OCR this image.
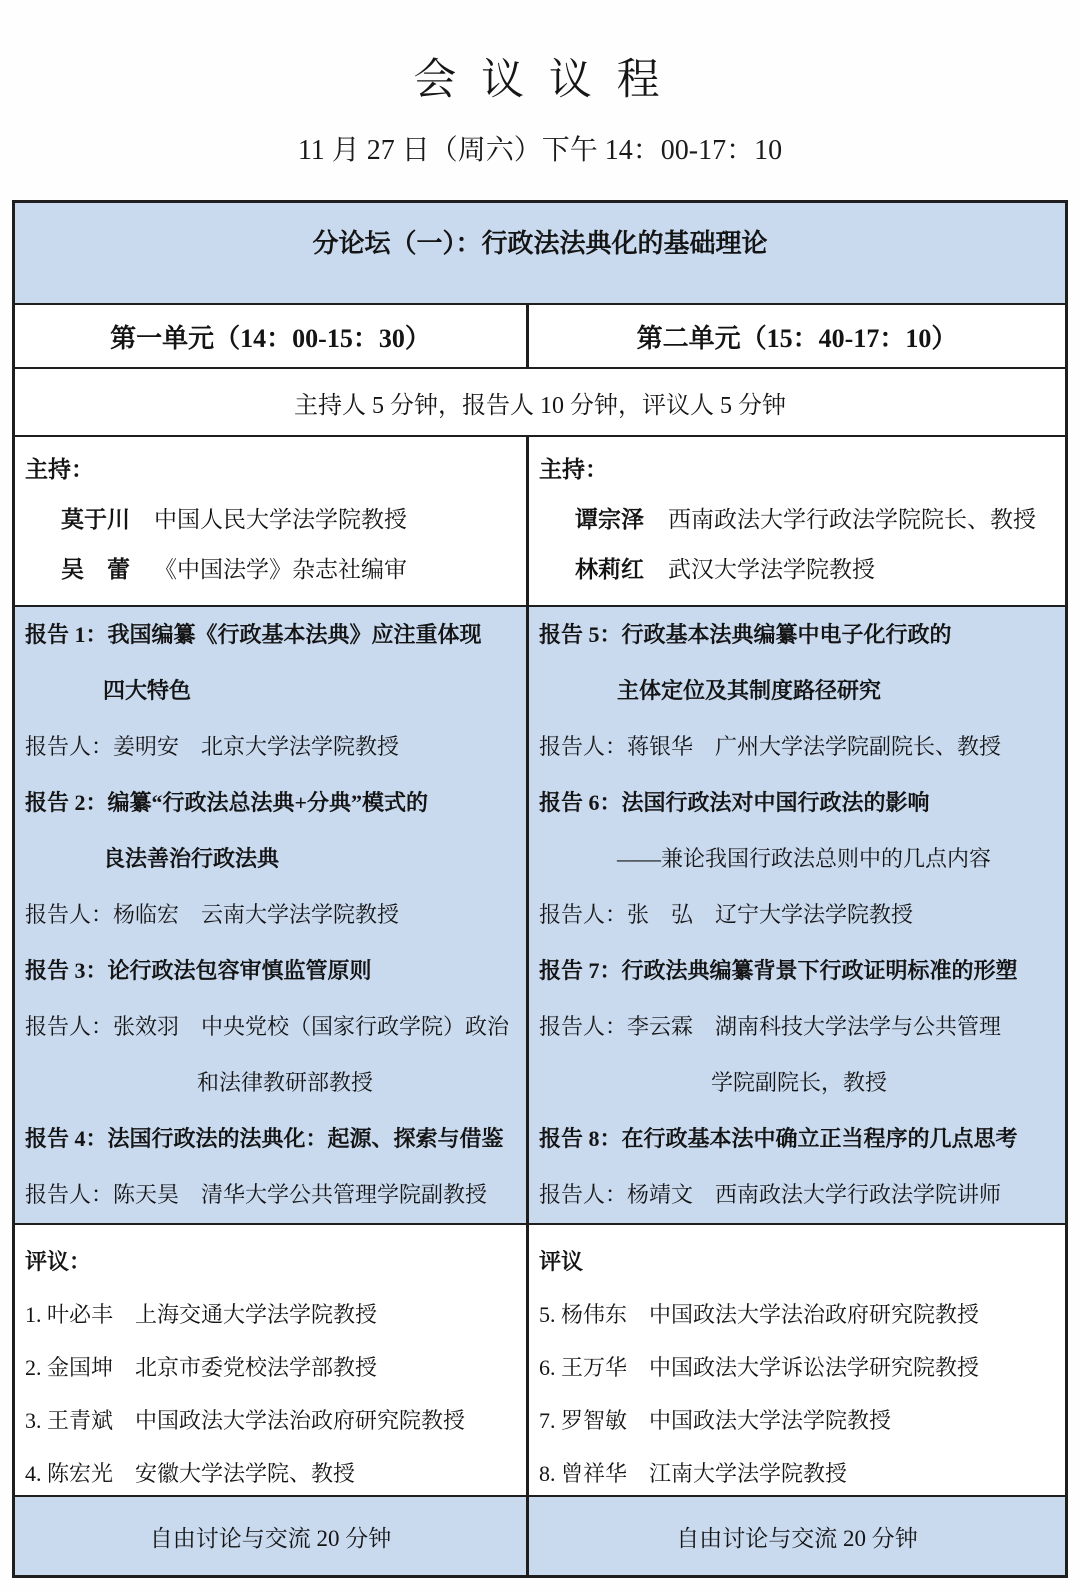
会 议 议 程
11 月 27 日（周六）下午 14：00-17：10
分论坛（一）：行政法法典化的基础理论
第一单元（14：00-15：30）	第二单元（15：40-17：10）
主持人 5 分钟，报告人 10 分钟，评议人 5 分钟
主持：
莫于川 中国人民大学法学院教授
吴　蕾 《中国法学》杂志社编审
主持：
谭宗泽 西南政法大学行政法学院院长、教授
林莉红 武汉大学法学院教授
报告 1：我国编纂《行政基本法典》应注重体现
四大特色
报告人：姜明安　北京大学法学院教授
报告 2：编纂“行政法总法典+分典”模式的
良法善治行政法典
报告人：杨临宏　云南大学法学院教授
报告 3：论行政法包容审慎监管原则
报告人：张效羽　中央党校（国家行政学院）政治
和法律教研部教授
报告 4：法国行政法的法典化：起源、探索与借鉴
报告人：陈天昊　清华大学公共管理学院副教授
报告 5：行政基本法典编纂中电子化行政的
主体定位及其制度路径研究
报告人：蒋银华　广州大学法学院副院长、教授
报告 6：法国行政法对中国行政法的影响
——兼论我国行政法总则中的几点内容
报告人：张　弘　辽宁大学法学院教授
报告 7：行政法典编纂背景下行政证明标准的形塑
报告人：李云霖　湖南科技大学法学与公共管理
学院副院长，教授
报告 8：在行政基本法中确立正当程序的几点思考
报告人：杨靖文　西南政法大学行政法学院讲师
评议：
1. 叶必丰　上海交通大学法学院教授
2. 金国坤　北京市委党校法学部教授
3. 王青斌　中国政法大学法治政府研究院教授
4. 陈宏光　安徽大学法学院、教授
评议
5. 杨伟东　中国政法大学法治政府研究院教授
6. 王万华　中国政法大学诉讼法学研究院教授
7. 罗智敏　中国政法大学法学院教授
8. 曾祥华　江南大学法学院教授
自由讨论与交流 20 分钟	自由讨论与交流 20 分钟
